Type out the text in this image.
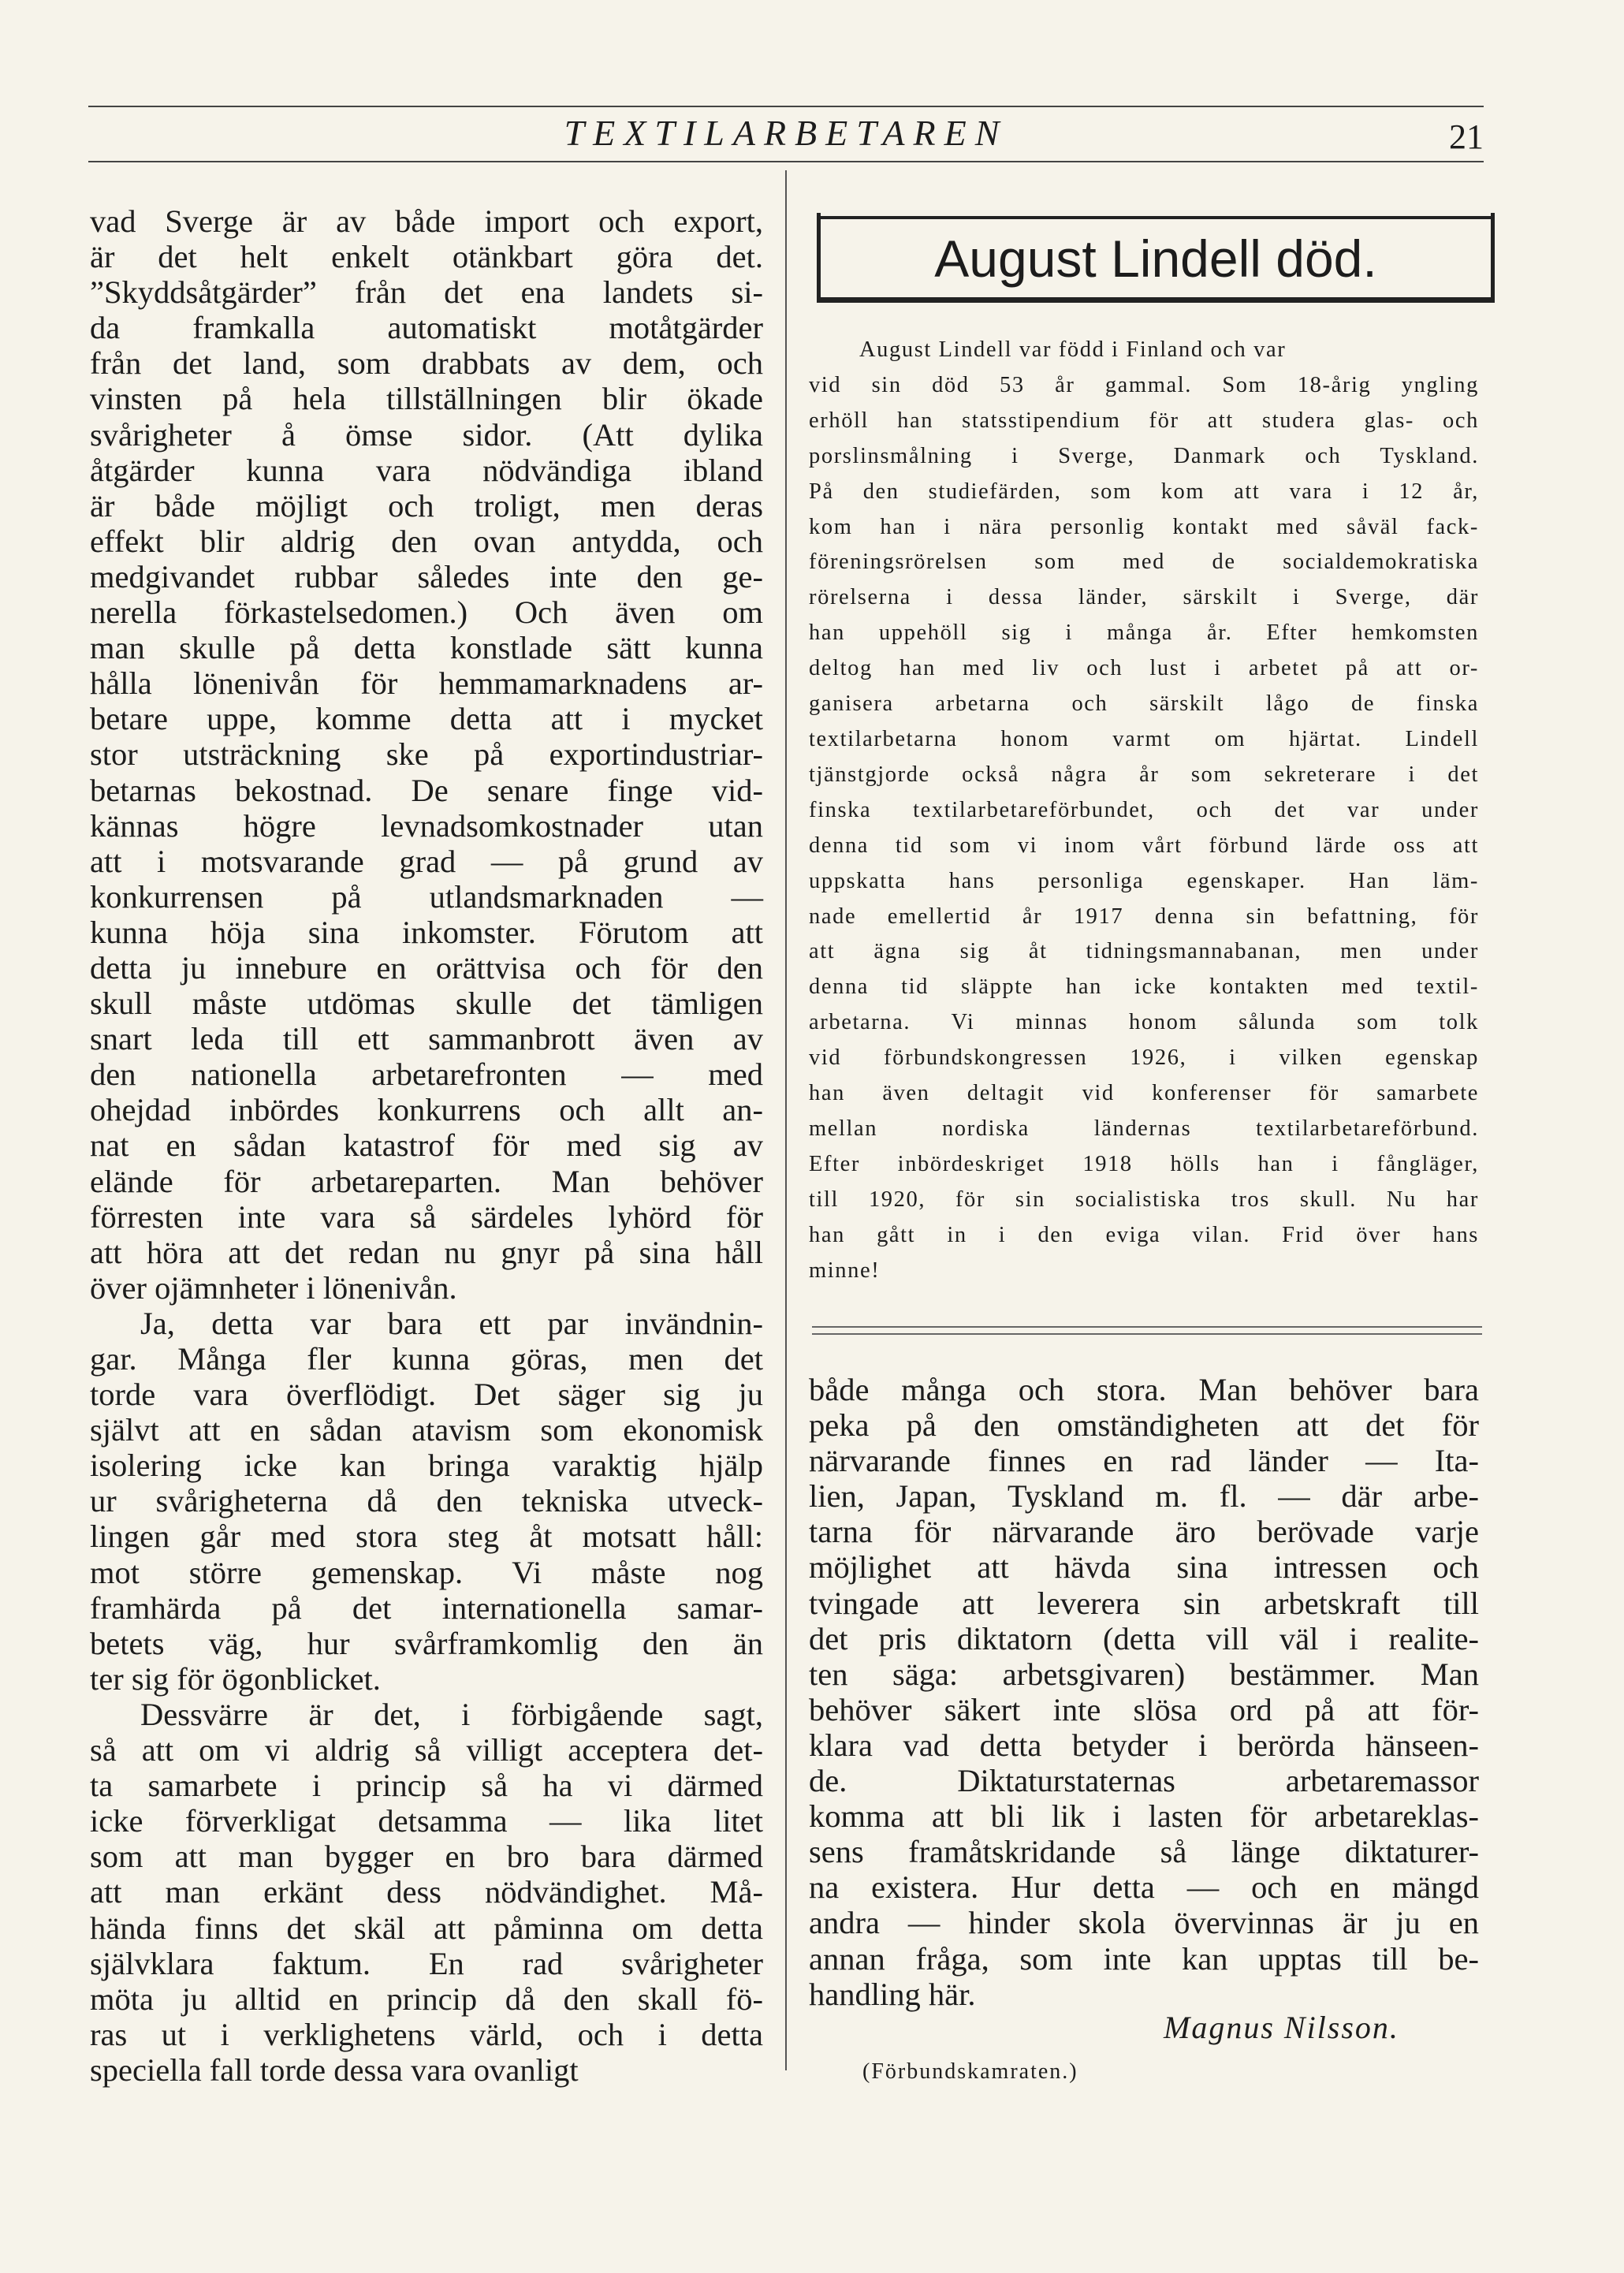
TEXTILARBETAREN	21
vad Sverge är av både import och export,
är det helt enkelt otänkbart göra det.
”Skyddsåtgärder” från det ena landets si-
da framkalla automatiskt motåtgärder
från det land, som drabbats av dem, och
vinsten på hela tillställningen blir ökade
svårigheter å ömse sidor. (Att dylika
åtgärder kunna vara nödvändiga ibland
är både möjligt och troligt, men deras
effekt blir aldrig den ovan antydda, och
medgivandet rubbar således inte den ge-
nerella förkastelsedomen.) Och även om
man skulle på detta konstlade sätt kunna
hålla lönenivån för hemmamarknadens ar-
betare uppe, komme detta att i mycket
stor utsträckning ske på exportindustriar-
betarnas bekostnad. De senare finge vid-
kännas högre levnadsomkostnader utan
att i motsvarande grad — på grund av
konkurrensen på utlandsmarknaden —
kunna höja sina inkomster. Förutom att
detta ju inneburе en orättvisa och för den
skull måste utdömas skulle det tämligen
snart leda till ett sammanbrott även av
den nationella arbetarefronten — med
ohejdad inbördes konkurrens och allt an-
nat en sådan katastrof för med sig av
elände för arbetareparten. Man behöver
förresten inte vara så särdeles lyhörd för
att höra att det redan nu gnyr på sina håll
över ojämnheter i lönenivån.
Ja, detta var bara ett par invändnin-
gar. Många fler kunna göras, men det
torde vara överflödigt. Det säger sig ju
självt att en sådan atavism som ekonomisk
isolering icke kan bringa varaktig hjälp
ur svårigheterna då den tekniska utveck-
lingen går med stora steg åt motsatt håll:
mot större gemenskap. Vi måste nog
framhärda på det internationella samar-
betets väg, hur svårframkomlig den än
ter sig för ögonblicket.
Dessvärre är det, i förbigående sagt,
så att om vi aldrig så villigt acceptera det-
ta samarbete i princip så ha vi därmed
icke förverkligat detsamma — lika litet
som att man bygger en bro bara därmed
att man erkänt dess nödvändighet. Må-
hända finns det skäl att påminna om detta
självklara faktum. En rad svårigheter
möta ju alltid en princip då den skall fö-
ras ut i verklighetens värld, och i detta
speciella fall torde dessa vara ovanligt
August Lindell död.
August Lindell var född i Finland och var
vid sin död 53 år gammal. Som 18-årig yngling
erhöll han statsstipendium för att studera glas- och
porslinsmålning i Sverge, Danmark och Tyskland.
På den studiefärden, som kom att vara i 12 år,
kom han i nära personlig kontakt med såväl fack-
föreningsrörelsen som med de socialdemokratiska
rörelserna i dessa länder, särskilt i Sverge, där
han uppehöll sig i många år. Efter hemkomsten
deltog han med liv och lust i arbetet på att or-
ganisera arbetarna och särskilt lågo de finska
textilarbetarna honom varmt om hjärtat. Lindell
tjänstgjorde också några år som sekreterare i det
finska textilarbetareförbundet, och det var under
denna tid som vi inom vårt förbund lärde oss att
uppskatta hans personliga egenskaper. Han läm-
nade emellertid år 1917 denna sin befattning, för
att ägna sig åt tidningsmannabanan, men under
denna tid släppte han icke kontakten med textil-
arbetarna. Vi minnas honom sålunda som tolk
vid förbundskongressen 1926, i vilken egenskap
han även deltagit vid konferenser för samarbete
mellan nordiska ländernas textilarbetareförbund.
Efter inbördeskriget 1918 hölls han i fångläger,
till 1920, för sin socialistiska tros skull. Nu har
han gått in i den eviga vilan. Frid över hans
minne!
både många och stora. Man behöver bara
peka på den omständigheten att det för
närvarande finnes en rad länder — Ita-
lien, Japan, Tyskland m. fl. — där arbe-
tarna för närvarande äro berövade varje
möjlighet att hävda sina intressen och
tvingade att leverera sin arbetskraft till
det pris diktatorn (detta vill väl i realite-
ten säga: arbetsgivaren) bestämmer. Man
behöver säkert inte slösa ord på att för-
klara vad detta betyder i berörda hänseen-
de. Diktaturstaternas arbetaremassor
komma att bli lik i lasten för arbetareklas-
sens framåtskridande så länge diktaturer-
na existera. Hur detta — och en mängd
andra — hinder skola övervinnas är ju en
annan fråga, som inte kan upptas till be-
handling här.
Magnus Nilsson.
(Förbundskamraten.)
